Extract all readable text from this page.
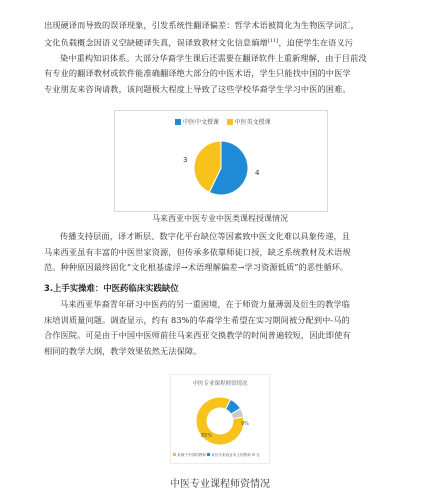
出现硬译而导致的误译现象，引发系统性翻译偏差：哲学术语被简化为生物医学词汇，
文化负载概念因语义空缺硬译失真，误译致教材文化信息熵增[11]，迫使学生在语义污
染中重构知识体系。大部分华裔学生课后还需要在翻译软件上重新理解，由于目前没
有专业的翻译教材或软件能准确翻译绝大部分的中医术语，学生只能找中国的中医学
专业朋友来咨询请教，该问题极大程度上导致了这些学校华裔学生学习中医的困难。
中医中文授课	中医英文授课
3
4
马来西亚中医专业中医类课程授课情况
传播支持层面，译才断层、数字化平台缺位等因素致中医文化难以具象传递，且
马来西亚虽有丰富的中医世家资源，但传承多依靠师徒口授，缺乏系统教材及术语规
范。种种原因最终固化“文化根基虚浮→术语理解偏差→学习资源低质”的恶性循环。
3.上手实操难：中医药临床实践缺位
马来西亚华裔青年研习中医药的另一重困境，在于师资力量薄弱及衍生的教学临
床培训质量问题。调查显示，约有 83%的华裔学生希望在实习期间被分配到中-马的
合作医院。可是由于中国中医师前往马来西亚交换教学的时间普遍较短，因此即使有
相同的教学大纲，教学效果依然无法保障。
中医专业课程师资情况
9%
85%
来源于中国的教师 来自马来西亚本土的教师 无
中医专业课程师资情况
